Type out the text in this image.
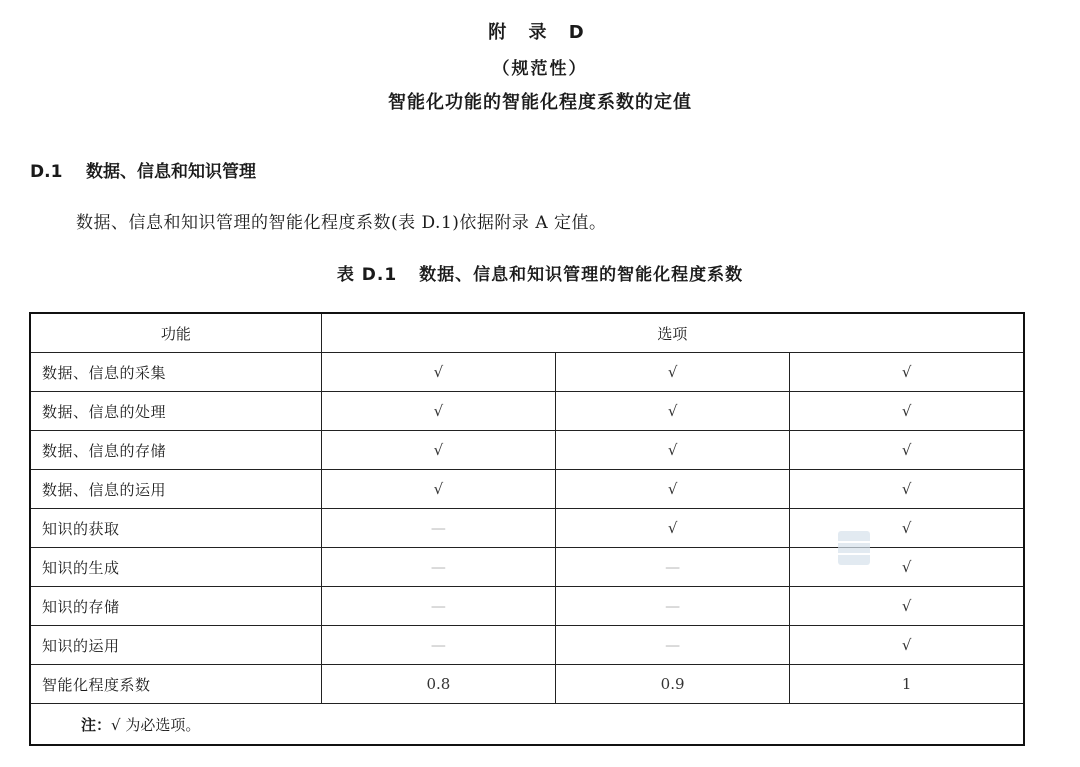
附 录 D
（规范性）
智能化功能的智能化程度系数的定值
D.1 数据、信息和知识管理
数据、信息和知识管理的智能化程度系数(表 D.1)依据附录 A 定值。
表 D.1 数据、信息和知识管理的智能化程度系数
功能	选项		
数据、信息的采集	√	√	√
数据、信息的处理	√	√	√
数据、信息的存储	√	√	√
数据、信息的运用	√	√	√
知识的获取	—	√	√
知识的生成	—	—	√
知识的存储	—	—	√
知识的运用	—	—	√
智能化程度系数	0.8	0.9	1
注：√ 为必选项。			
